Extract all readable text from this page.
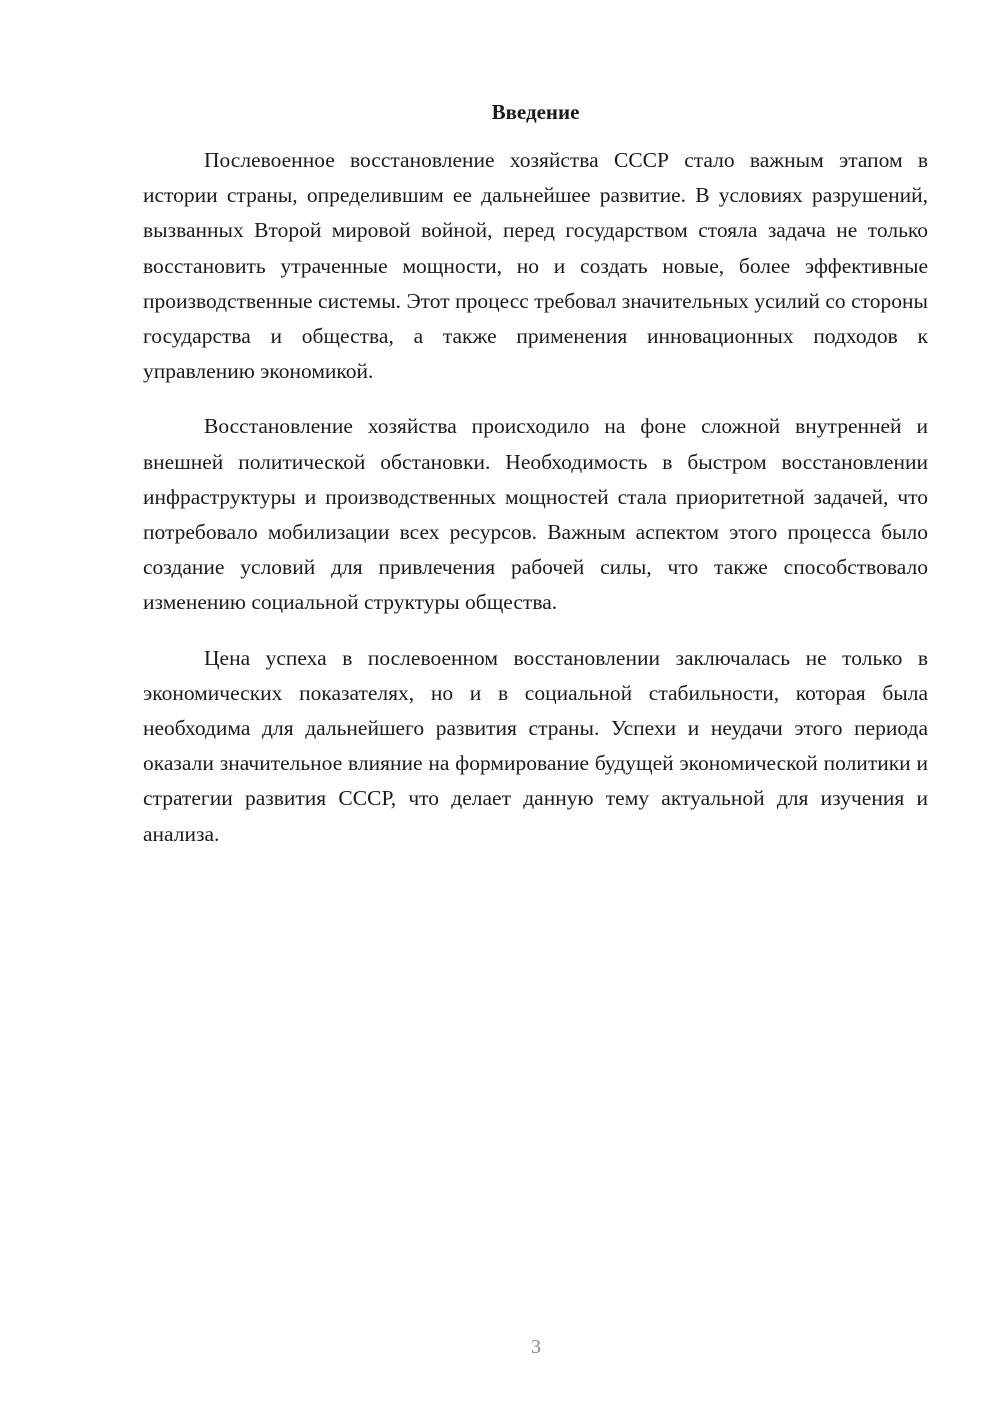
Введение

Послевоенное восстановление хозяйства СССР стало важным этапом в истории страны, определившим ее дальнейшее развитие. В условиях разрушений, вызванных Второй мировой войной, перед государством стояла задача не только восстановить утраченные мощности, но и создать новые, более эффективные производственные системы. Этот процесс требовал значительных усилий со стороны государства и общества, а также применения инновационных подходов к управлению экономикой.

Восстановление хозяйства происходило на фоне сложной внутренней и внешней политической обстановки. Необходимость в быстром восстановлении инфраструктуры и производственных мощностей стала приоритетной задачей, что потребовало мобилизации всех ресурсов. Важным аспектом этого процесса было создание условий для привлечения рабочей силы, что также способствовало изменению социальной структуры общества.

Цена успеха в послевоенном восстановлении заключалась не только в экономических показателях, но и в социальной стабильности, которая была необходима для дальнейшего развития страны. Успехи и неудачи этого периода оказали значительное влияние на формирование будущей экономической политики и стратегии развития СССР, что делает данную тему актуальной для изучения и анализа.

3
